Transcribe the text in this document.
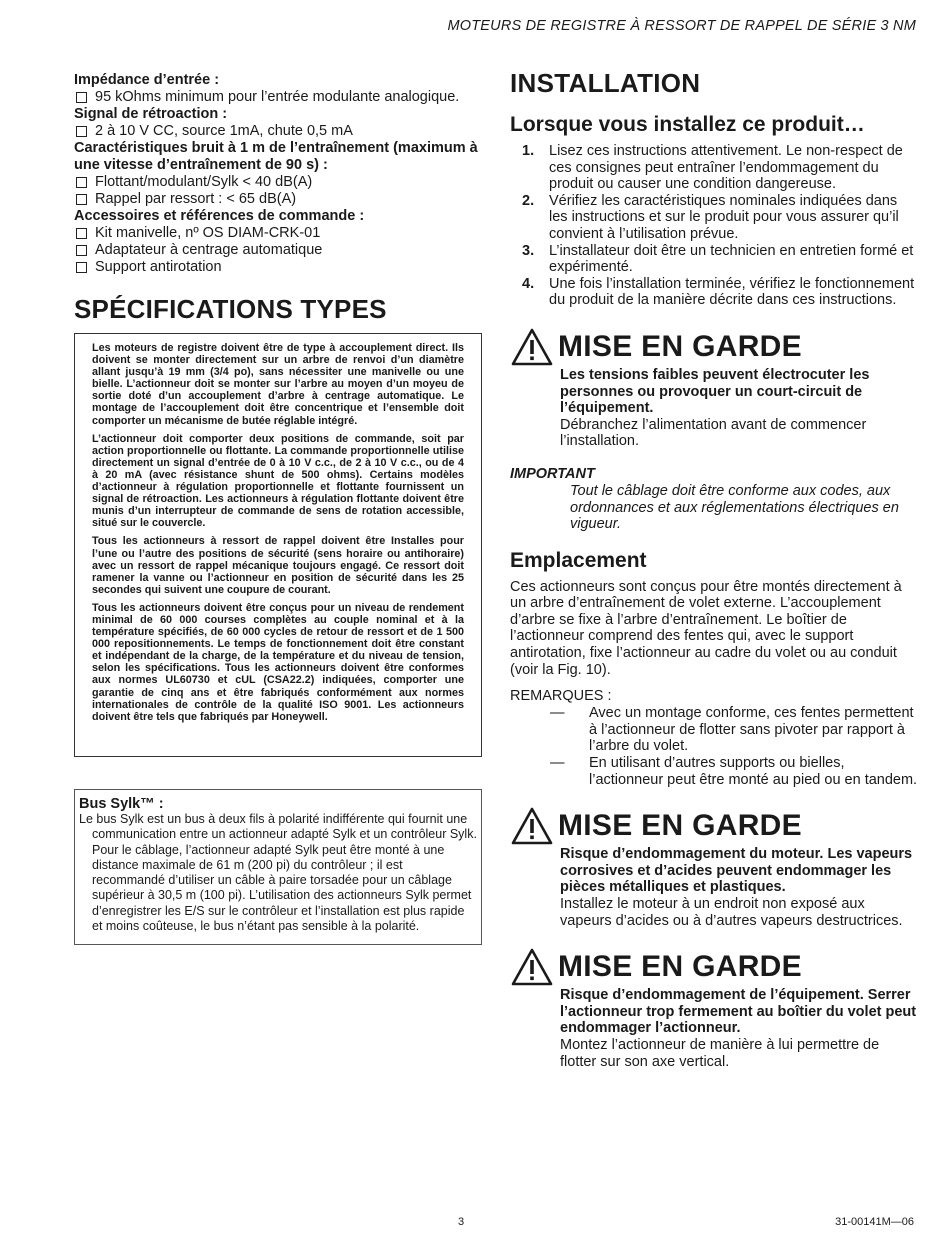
MOTEURS DE REGISTRE À RESSORT DE RAPPEL DE SÉRIE 3 NM
Impédance d’entrée :
95 kOhms minimum pour l’entrée modulante analogique.
Signal de rétroaction :
2 à 10 V CC, source 1mA, chute 0,5 mA
Caractéristiques bruit à 1 m de l’entraînement (maximum à une vitesse d’entraînement de 90 s) :
Flottant/modulant/Sylk < 40 dB(A)
Rappel par ressort : < 65 dB(A)
Accessoires et références de commande :
Kit manivelle, nº OS DIAM-CRK-01
Adaptateur à centrage automatique
Support antirotation
SPÉCIFICATIONS TYPES

Les moteurs de registre doivent être de type à accouplement direct. Ils doivent se monter directement sur un arbre de renvoi d’un diamètre allant jusqu’à 19 mm (3/4 po), sans nécessiter une manivelle ou une bielle. L’actionneur doit se monter sur l’arbre au moyen d’un moyeu de sortie doté d’un accouplement d’arbre à centrage automatique. Le montage de l’accouplement doit être concentrique et l’ensemble doit comporter un mécanisme de butée réglable intégré.

L’actionneur doit comporter deux positions de commande, soit par action proportionnelle ou flottante. La commande proportionnelle utilise directement un signal d’entrée de 0 à 10 V c.c., de 2 à 10 V c.c., ou de 4 à 20 mA (avec résistance shunt de 500 ohms). Certains modèles d’actionneur à régulation proportionnelle et flottante fournissent un signal de rétroaction. Les actionneurs à régulation flottante doivent être munis d’un interrupteur de commande de sens de rotation accessible, situé sur le couvercle.

Tous les actionneurs à ressort de rappel doivent être Installes pour l’une ou l’autre des positions de sécurité (sens horaire ou antihoraire) avec un ressort de rappel mécanique toujours engagé. Ce ressort doit ramener la vanne ou l’actionneur en position de sécurité dans les 25 secondes qui suivent une coupure de courant.

Tous les actionneurs doivent être conçus pour un niveau de rendement minimal de 60 000 courses complètes au couple nominal et à la température spécifiés, de 60 000 cycles de retour de ressort et de 1 500 000 repositionnements. Le temps de fonctionnement doit être constant et indépendant de la charge, de la température et du niveau de tension, selon les spécifications. Tous les actionneurs doivent être conformes aux normes UL60730 et cUL (CSA22.2) indiquées, comporter une garantie de cinq ans et être fabriqués conformément aux normes internationales de contrôle de la qualité ISO 9001. Les actionneurs doivent être tels que fabriqués par Honeywell.

Bus Sylk™ :
Le bus Sylk est un bus à deux fils à polarité indifférente qui fournit une communication entre un actionneur adapté Sylk et un contrôleur Sylk. Pour le câblage, l’actionneur adapté Sylk peut être monté à une distance maximale de 61 m (200 pi) du contrôleur ; il est recommandé d’utiliser un câble à paire torsadée pour un câblage supérieur à 30,5 m (100 pi). L’utilisation des actionneurs Sylk permet d’enregistrer les E/S sur le contrôleur et l’installation est plus rapide et moins coûteuse, le bus n’étant pas sensible à la polarité.
INSTALLATION
Lorsque vous installez ce produit…
1.	Lisez ces instructions attentivement. Le non-respect de ces consignes peut entraîner l’endommagement du produit ou causer une condition dangereuse.
2.	Vérifiez les caractéristiques nominales indiquées dans les instructions et sur le produit pour vous assurer qu’il convient à l’utilisation prévue.
3.	L’installateur doit être un technicien en entretien formé et expérimenté.
4.	Une fois l’installation terminée, vérifiez le fonctionnement du produit de la manière décrite dans ces instructions.
MISE EN GARDE
Les tensions faibles peuvent électrocuter les personnes ou provoquer un court-circuit de l’équipement.
Débranchez l’alimentation avant de commencer l’installation.
IMPORTANT
Tout le câblage doit être conforme aux codes, aux ordonnances et aux réglementations électriques en vigueur.
Emplacement
Ces actionneurs sont conçus pour être montés directement à un arbre d’entraînement de volet externe. L’accouplement d’arbre se fixe à l’arbre d’entraînement. Le boîtier de l’actionneur comprend des fentes qui, avec le support antirotation, fixe l’actionneur au cadre du volet ou au conduit (voir la Fig. 10).
REMARQUES :
—	Avec un montage conforme, ces fentes permettent à l’actionneur de flotter sans pivoter par rapport à l’arbre du volet.
—	En utilisant d’autres supports ou bielles, l’actionneur peut être monté au pied ou en tandem.
MISE EN GARDE
Risque d’endommagement du moteur. Les vapeurs corrosives et d’acides peuvent endommager les pièces métalliques et plastiques.
Installez le moteur à un endroit non exposé aux vapeurs d’acides ou à d’autres vapeurs destructrices.
MISE EN GARDE
Risque d’endommagement de l’équipement. Serrer l’actionneur trop fermement au boîtier du volet peut endommager l’actionneur.
Montez l’actionneur de manière à lui permettre de flotter sur son axe vertical.
3	31-00141M—06
